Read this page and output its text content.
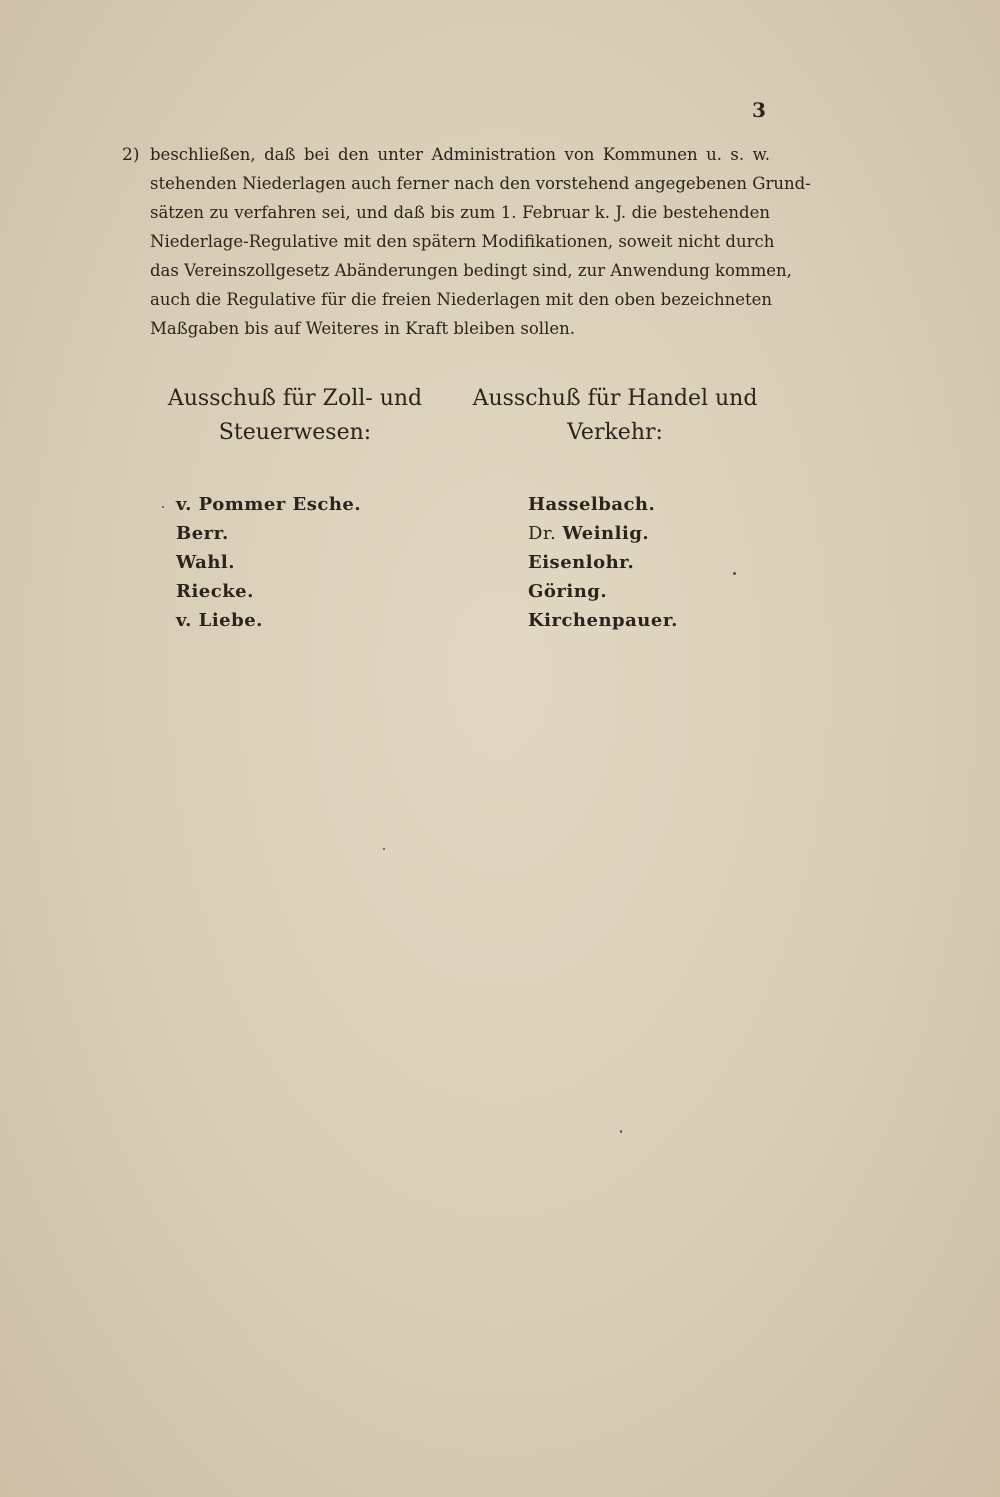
3
2) beschließen, daß bei den unter Administration von Kommunen u. s. w.
stehenden Niederlagen auch ferner nach den vorstehend angegebenen Grund-
sätzen zu verfahren sei, und daß bis zum 1. Februar k. J. die bestehenden
Niederlage-Regulative mit den spätern Modifikationen, soweit nicht durch
das Vereinszollgesetz Abänderungen bedingt sind, zur Anwendung kommen,
auch die Regulative für die freien Niederlagen mit den oben bezeichneten
Maßgaben bis auf Weiteres in Kraft bleiben sollen.
Ausschuß für Zoll- und
Steuerwesen:
v. Pommer Esche.
Berr.
Wahl.
Riecke.
v. Liebe.
Ausschuß für Handel und
Verkehr:
Hasselbach.
Dr. Weinlig.
Eisenlohr.
Göring.
Kirchenpauer.
